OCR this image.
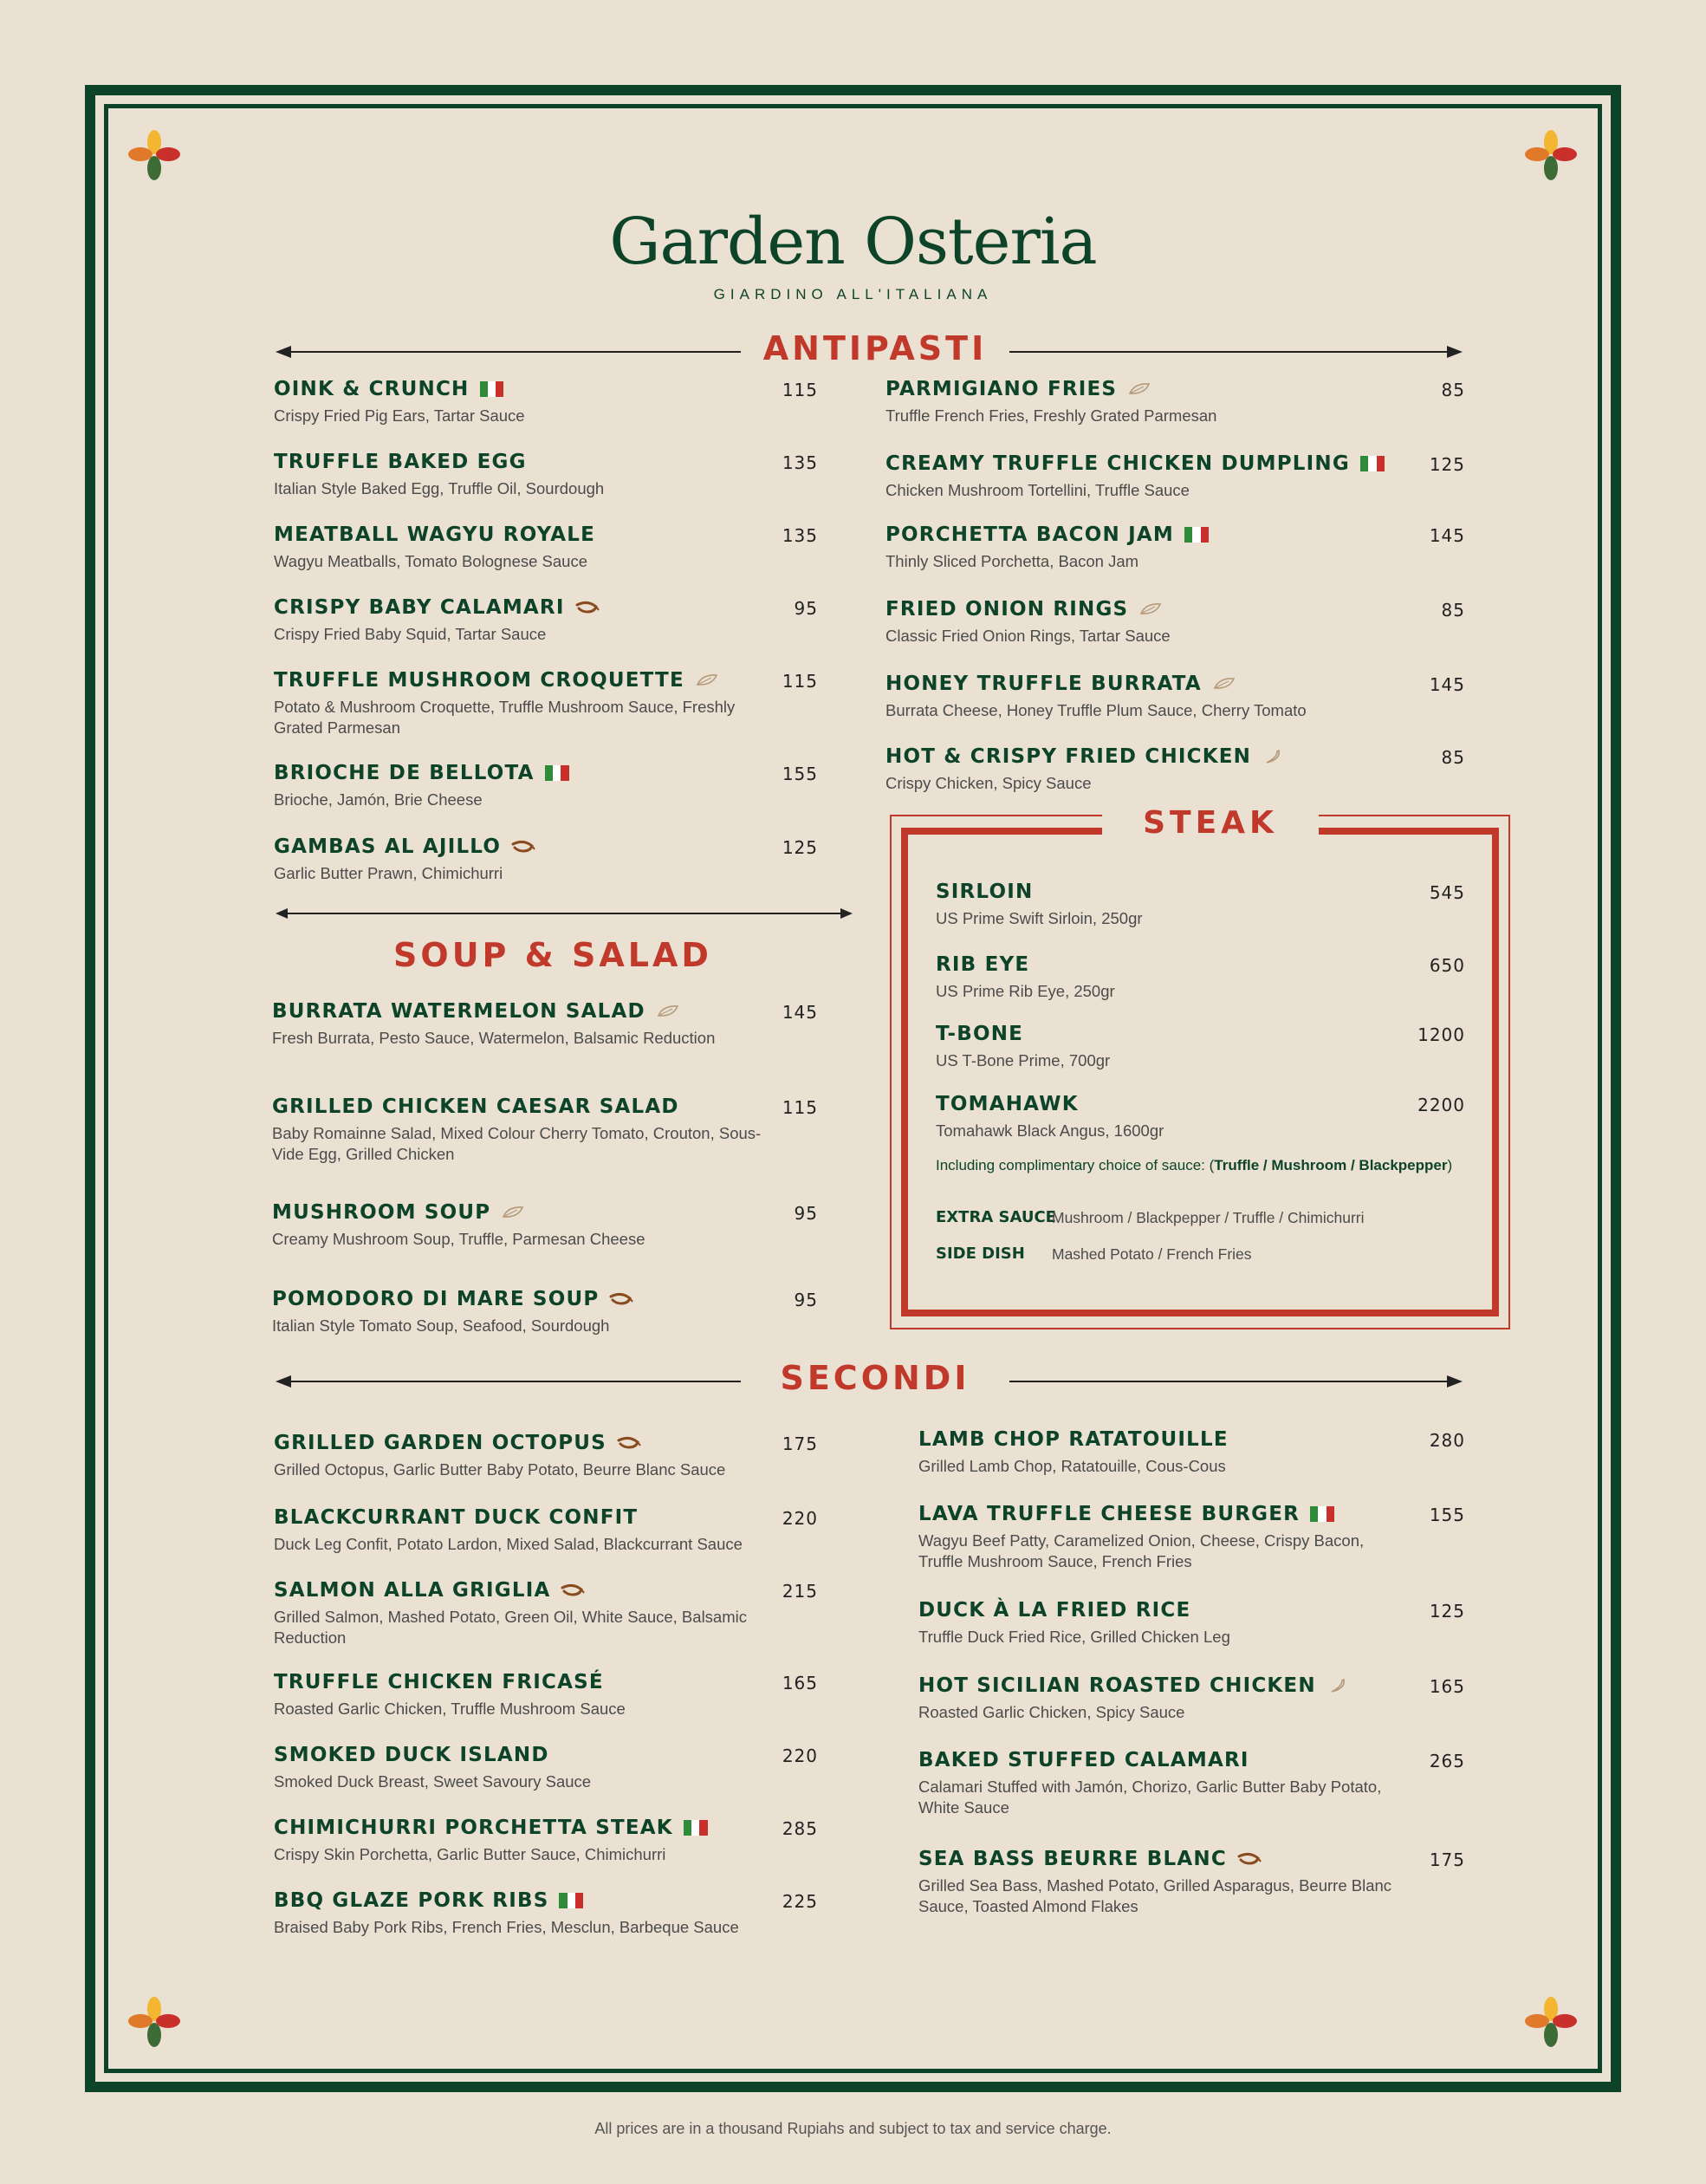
Garden Osteria
GIARDINO ALL'ITALIANA
ANTIPASTI
OINK & CRUNCH
Crispy Fried Pig Ears, Tartar Sauce
115
TRUFFLE BAKED EGG
Italian Style Baked Egg, Truffle Oil, Sourdough
135
MEATBALL WAGYU ROYALE
Wagyu Meatballs, Tomato Bolognese Sauce
135
CRISPY BABY CALAMARI
Crispy Fried Baby Squid, Tartar Sauce
95
TRUFFLE MUSHROOM CROQUETTE
Potato & Mushroom Croquette, Truffle Mushroom Sauce, Freshly Grated Parmesan
115
BRIOCHE DE BELLOTA
Brioche, Jamón, Brie Cheese
155
GAMBAS AL AJILLO
Garlic Butter Prawn, Chimichurri
125
PARMIGIANO FRIES
Truffle French Fries, Freshly Grated Parmesan
85
CREAMY TRUFFLE CHICKEN DUMPLING
Chicken Mushroom Tortellini, Truffle Sauce
125
PORCHETTA BACON JAM
Thinly Sliced Porchetta, Bacon Jam
145
FRIED ONION RINGS
Classic Fried Onion Rings, Tartar Sauce
85
HONEY TRUFFLE BURRATA
Burrata Cheese, Honey Truffle Plum Sauce, Cherry Tomato
145
HOT & CRISPY FRIED CHICKEN
Crispy Chicken, Spicy Sauce
85
SOUP & SALAD
BURRATA WATERMELON SALAD
Fresh Burrata, Pesto Sauce, Watermelon, Balsamic Reduction
145
GRILLED CHICKEN CAESAR SALAD
Baby Romainne Salad, Mixed Colour Cherry Tomato, Crouton, Sous-Vide Egg, Grilled Chicken
115
MUSHROOM SOUP
Creamy Mushroom Soup, Truffle, Parmesan Cheese
95
POMODORO DI MARE SOUP
Italian Style Tomato Soup, Seafood, Sourdough
95
STEAK
SIRLOIN
US Prime Swift Sirloin, 250gr
545
RIB EYE
US Prime Rib Eye, 250gr
650
T-BONE
US T-Bone Prime, 700gr
1200
TOMAHAWK
Tomahawk Black Angus, 1600gr
2200
Including complimentary choice of sauce: (Truffle / Mushroom / Blackpepper)
EXTRA SAUCE
Mushroom / Blackpepper / Truffle / Chimichurri
SIDE DISH Mashed Potato / French Fries
SECONDI
GRILLED GARDEN OCTOPUS
Grilled Octopus, Garlic Butter Baby Potato, Beurre Blanc Sauce
175
BLACKCURRANT DUCK CONFIT
Duck Leg Confit, Potato Lardon, Mixed Salad, Blackcurrant Sauce
220
SALMON ALLA GRIGLIA
Grilled Salmon, Mashed Potato, Green Oil, White Sauce, Balsamic Reduction
215
TRUFFLE CHICKEN FRICASÉ
Roasted Garlic Chicken, Truffle Mushroom Sauce
165
SMOKED DUCK ISLAND
Smoked Duck Breast, Sweet Savoury Sauce
220
CHIMICHURRI PORCHETTA STEAK
Crispy Skin Porchetta, Garlic Butter Sauce, Chimichurri
285
BBQ GLAZE PORK RIBS
Braised Baby Pork Ribs, French Fries, Mesclun, Barbeque Sauce
225
LAMB CHOP RATATOUILLE
Grilled Lamb Chop, Ratatouille, Cous-Cous
280
LAVA TRUFFLE CHEESE BURGER
Wagyu Beef Patty, Caramelized Onion, Cheese, Crispy Bacon, Truffle Mushroom Sauce, French Fries
155
DUCK À LA FRIED RICE
Truffle Duck Fried Rice, Grilled Chicken Leg
125
HOT SICILIAN ROASTED CHICKEN
Roasted Garlic Chicken, Spicy Sauce
165
BAKED STUFFED CALAMARI
Calamari Stuffed with Jamón, Chorizo, Garlic Butter Baby Potato, White Sauce
265
SEA BASS BEURRE BLANC
Grilled Sea Bass, Mashed Potato, Grilled Asparagus, Beurre Blanc Sauce, Toasted Almond Flakes
175
All prices are in a thousand Rupiahs and subject to tax and service charge.
